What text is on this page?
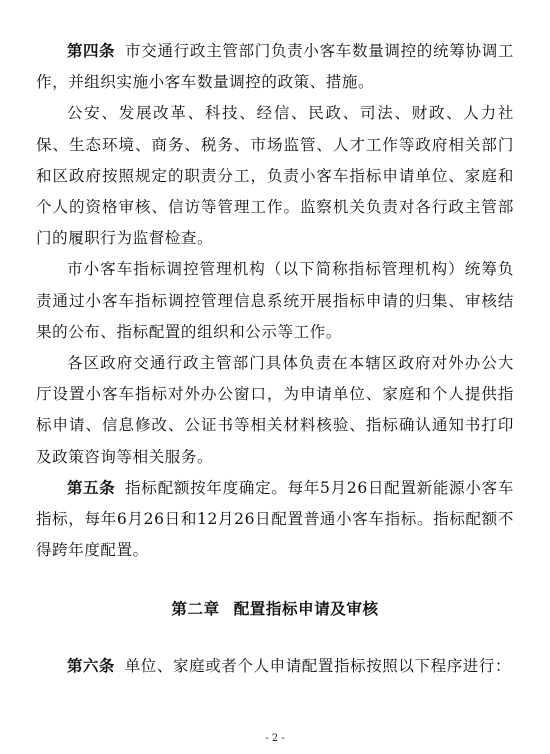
第四条 市交通行政主管部门负责小客车数量调控的统筹协调工作，并组织实施小客车数量调控的政策、措施。

公安、发展改革、科技、经信、民政、司法、财政、人力社保、生态环境、商务、税务、市场监管、人才工作等政府相关部门和区政府按照规定的职责分工，负责小客车指标申请单位、家庭和个人的资格审核、信访等管理工作。监察机关负责对各行政主管部门的履职行为监督检查。

市小客车指标调控管理机构（以下简称指标管理机构）统筹负责通过小客车指标调控管理信息系统开展指标申请的归集、审核结果的公布、指标配置的组织和公示等工作。

各区政府交通行政主管部门具体负责在本辖区政府对外办公大厅设置小客车指标对外办公窗口，为申请单位、家庭和个人提供指标申请、信息修改、公证书等相关材料核验、指标确认通知书打印及政策咨询等相关服务。

第五条 指标配额按年度确定。每年5月26日配置新能源小客车指标，每年6月26日和12月26日配置普通小客车指标。指标配额不得跨年度配置。

第二章 配置指标申请及审核

第六条 单位、家庭或者个人申请配置指标按照以下程序进行：

- 2 -
